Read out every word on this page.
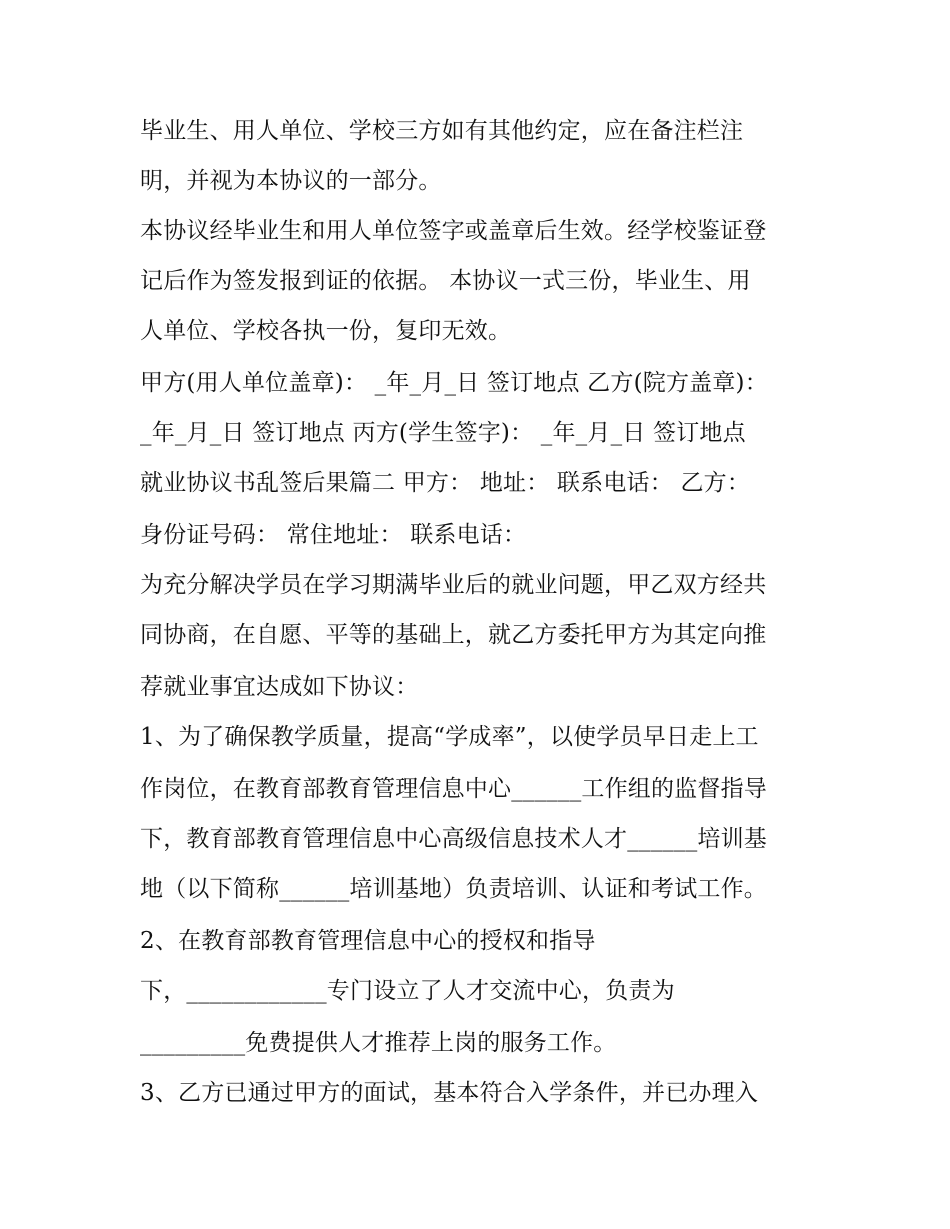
毕业生、用人单位、学校三方如有其他约定，应在备注栏注
明，并视为本协议的一部分。
本协议经毕业生和用人单位签字或盖章后生效。经学校鉴证登
记后作为签发报到证的依据。 本协议一式三份，毕业生、用
人单位、学校各执一份，复印无效。
甲方(用人单位盖章)： _年_月_日 签订地点 乙方(院方盖章)：
_年_月_日 签订地点 丙方(学生签字)： _年_月_日 签订地点
就业协议书乱签后果篇二 甲方： 地址： 联系电话： 乙方：
身份证号码： 常住地址： 联系电话：
为充分解决学员在学习期满毕业后的就业问题，甲乙双方经共
同协商，在自愿、平等的基础上，就乙方委托甲方为其定向推
荐就业事宜达成如下协议：
1、为了确保教学质量，提高“学成率”，以使学员早日走上工
作岗位，在教育部教育管理信息中心______工作组的监督指导
下，教育部教育管理信息中心高级信息技术人才______培训基
地（以下简称______培训基地）负责培训、认证和考试工作。
2、在教育部教育管理信息中心的授权和指导
下，____________专门设立了人才交流中心，负责为
_________免费提供人才推荐上岗的服务工作。
3、乙方已通过甲方的面试，基本符合入学条件，并已办理入
